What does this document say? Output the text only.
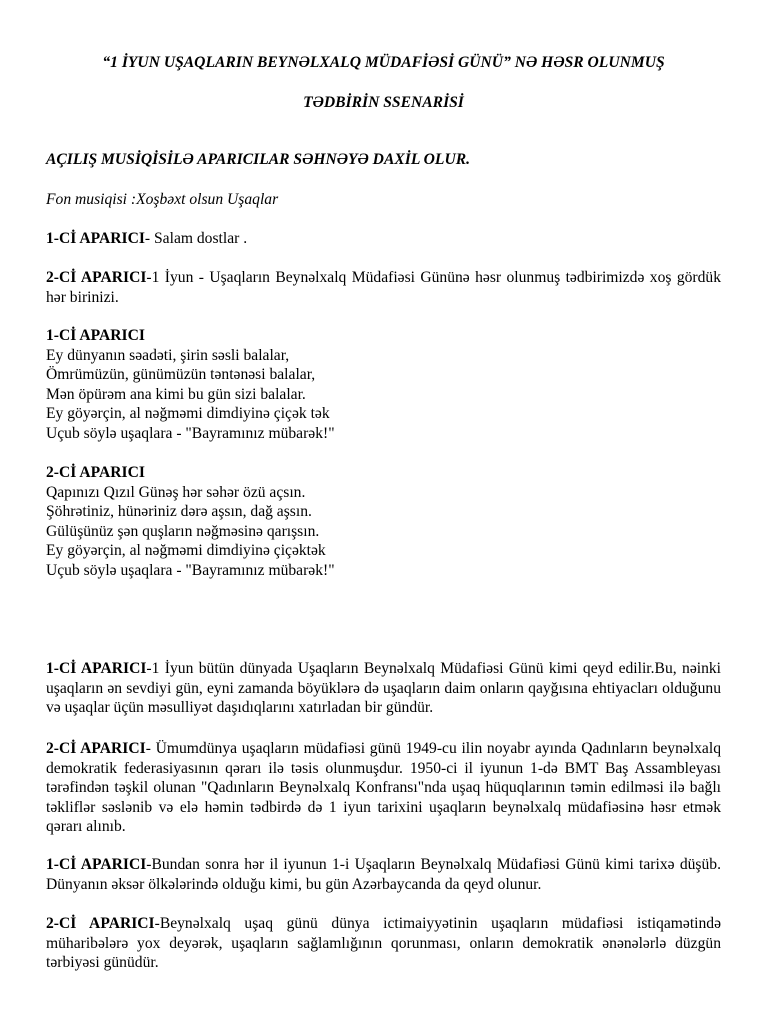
“1 İYUN UŞAQLARIN BEYNƏLXALQ MÜDAFİƏSİ GÜNÜ” NƏ HƏSR OLUNMUŞ

TƏDBİRİN SSENARİSİ

AÇILIŞ MUSİQİSİLƏ APARICILAR SƏHNƏYƏ DAXİL OLUR.

Fon musiqisi :Xoşbəxt olsun Uşaqlar

1-Cİ APARICI- Salam dostlar .

2-Cİ APARICI-1 İyun - Uşaqların Beynəlxalq Müdafiəsi Gününə həsr olunmuş tədbirimizdə xoş gördük hər birinizi.

1-Cİ APARICI
Ey dünyanın səadəti, şirin səsli balalar,
Ömrümüzün, günümüzün təntənəsi balalar,
Mən öpürəm ana kimi bu gün sizi balalar.
Ey göyərçin, al nəğməmi dimdiyinə çiçək tək
Uçub söylə uşaqlara - "Bayramınız mübarək!"
2-Cİ APARICI
Qapınızı Qızıl Günəş hər səhər özü açsın.
Şöhrətiniz, hünəriniz dərə aşsın, dağ aşsın.
Gülüşünüz şən quşların nəğməsinə qarışsın.
Ey göyərçin, al nəğməmi dimdiyinə çiçəktək
Uçub söylə uşaqlara - "Bayramınız mübarək!"

1-Cİ APARICI-1 İyun bütün dünyada Uşaqların Beynəlxalq Müdafiəsi Günü kimi qeyd edilir.Bu, nəinki uşaqların ən sevdiyi gün, eyni zamanda böyüklərə də uşaqların daim onların qayğısına ehtiyacları olduğunu və uşaqlar üçün məsulliyət daşıdıqlarını xatırladan bir gündür.

2-Cİ APARICI- Ümumdünya uşaqların müdafiəsi günü 1949-cu ilin noyabr ayında Qadınların beynəlxalq demokratik federasiyasının qərarı ilə təsis olunmuşdur. 1950-ci il iyunun 1-də BMT Baş Assambleyası tərəfindən təşkil olunan "Qadınların Beynəlxalq Konfransı"nda uşaq hüquqlarının təmin edilməsi ilə bağlı təkliflər səslənib və elə həmin tədbirdə də 1 iyun tarixini uşaqların beynəlxalq müdafiəsinə həsr etmək qərarı alınıb.

1-Cİ APARICI-Bundan sonra hər il iyunun 1-i Uşaqların Beynəlxalq Müdafiəsi Günü kimi tarixə düşüb. Dünyanın əksər ölkələrində olduğu kimi, bu gün Azərbaycanda da qeyd olunur.

2-Cİ APARICI-Beynəlxalq uşaq günü dünya ictimaiyyətinin uşaqların müdafiəsi istiqamətində müharibələrə yox deyərək, uşaqların sağlamlığının qorunması, onların demokratik ənənələrlə düzgün tərbiyəsi günüdür.
